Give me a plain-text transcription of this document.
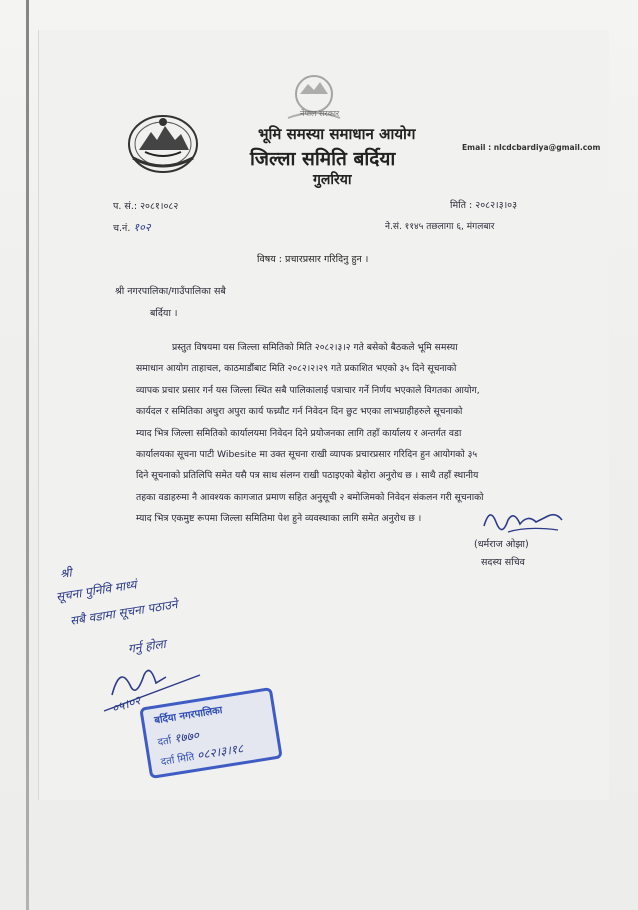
नेपाल सरकार
भूमि समस्या समाधान आयोग
जिल्ला समिति बर्दिया
गुलरिया
Email : nlcdcbardiya@gmail.com
प. सं.: २०८१।०८२
च.नं. १०२
मिति : २०८२।३।०३
ने.सं. ११४५ तछलागा ६, मंगलबार
विषय : प्रचारप्रसार गरिदिनु हुन ।
श्री नगरपालिका/गाउँपालिका सबै
बर्दिया ।
प्रस्तुत विषयमा यस जिल्ला समितिको मिति २०८२।३।२ गते बसेको बैठकले भूमि समस्या
समाधान आयोग ताहाचल, काठमाडौंबाट मिति २०८२।२।२९ गते प्रकाशित भएको ३५ दिने सूचनाको
व्यापक प्रचार प्रसार गर्न यस जिल्ला स्थित सबै पालिकालाई पत्राचार गर्ने निर्णय भएकाले विगतका आयोग,
कार्यदल र समितिका अधुरा अपुरा कार्य फच्र्यौट गर्न निवेदन दिन छुट भएका लाभग्राहीहरुले सूचनाको
म्याद भित्र जिल्ला समितिको कार्यालयमा निवेदन दिने प्रयोजनका लागि तहाँ कार्यालय र अन्तर्गत वडा
कार्यालयका सूचना पाटी Wibesite मा उक्त सूचना राखी व्यापक प्रचारप्रसार गरिदिन हुन आयोगको ३५
दिने सूचनाको प्रतिलिपि समेत यसै पत्र साथ संलग्न राखी पठाइएको बेहोरा अनुरोध छ । साथै तहाँ स्थानीय
तहका वडाहरुमा नै आवश्यक कागजात प्रमाण सहित अनुसूची २ बमोजिमको निवेदन संकलन गरी सूचनाको
म्याद भित्र एकमुष्ट रूपमा जिल्ला समितिमा पेश हुने व्यवस्थाका लागि समेत अनुरोध छ ।
(धर्मराज ओझा)
सदस्य सचिव
श्री
सूचना पुनिवि माध्यं
सबै वडामा सूचना पठाउने
गर्नु होला
०५।०२
बर्दिया नगरपालिका
दर्ता १७७०
दर्ता मिति ०८२।३।१८
